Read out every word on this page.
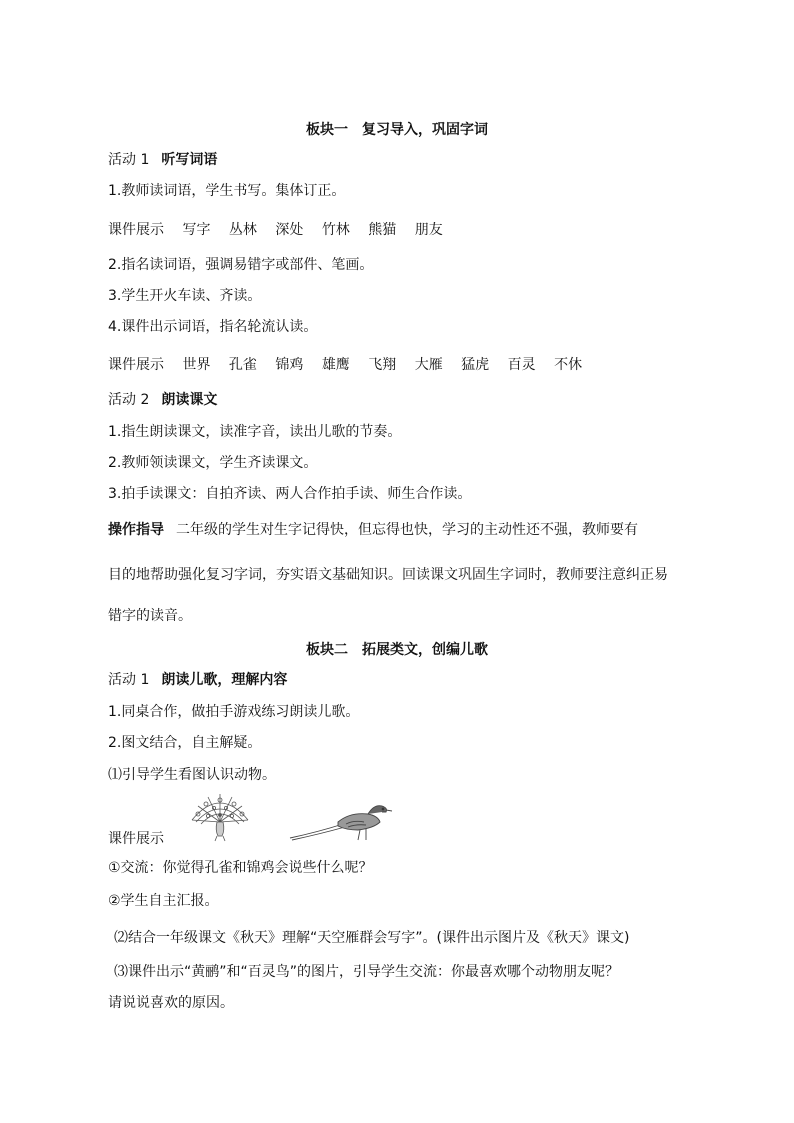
板块一　复习导入，巩固字词
活动 1 听写词语
1.教师读词语，学生书写。集体订正。
课件展示 写字 丛林 深处 竹林 熊猫 朋友
2.指名读词语，强调易错字或部件、笔画。
3.学生开火车读、齐读。
4.课件出示词语，指名轮流认读。
课件展示 世界 孔雀 锦鸡 雄鹰 飞翔 大雁 猛虎 百灵 不休
活动 2 朗读课文
1.指生朗读课文，读准字音，读出儿歌的节奏。
2.教师领读课文，学生齐读课文。
3.拍手读课文：自拍齐读、两人合作拍手读、师生合作读。
操作指导 二年级的学生对生字记得快，但忘得也快，学习的主动性还不强，教师要有
目的地帮助强化复习字词，夯实语文基础知识。回读课文巩固生字词时，教师要注意纠正易
错字的读音。
板块二　拓展类文，创编儿歌
活动 1 朗读儿歌，理解内容
1.同桌合作，做拍手游戏练习朗读儿歌。
2.图文结合，自主解疑。
⑴引导学生看图认识动物。
课件展示
①交流：你觉得孔雀和锦鸡会说些什么呢？
②学生自主汇报。
⑵结合一年级课文《秋天》理解“天空雁群会写字”。(课件出示图片及《秋天》课文)
⑶课件出示“黄鹂”和“百灵鸟”的图片，引导学生交流：你最喜欢哪个动物朋友呢？
请说说喜欢的原因。
